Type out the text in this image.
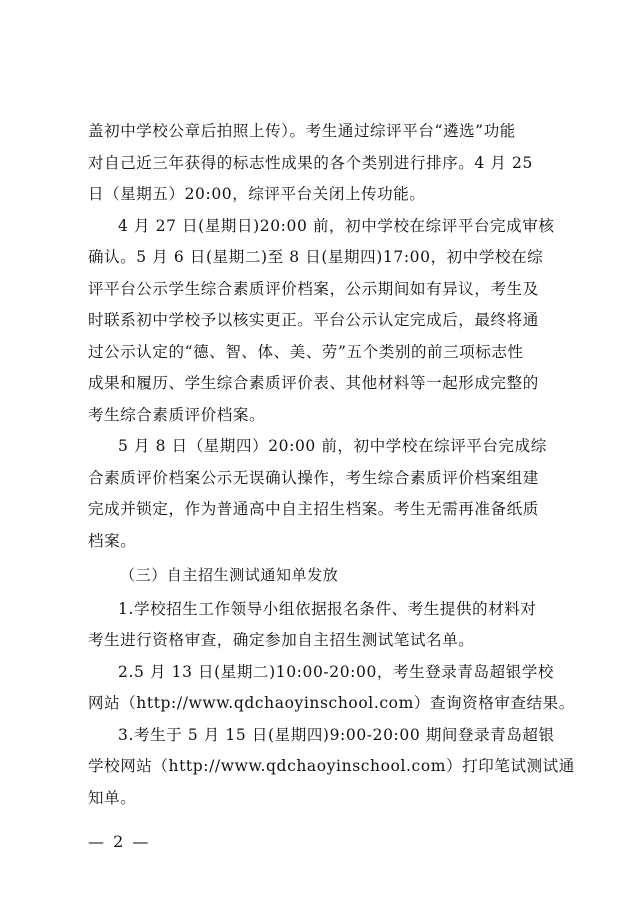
盖初中学校公章后拍照上传）。考生通过综评平台“遴选”功能
对自己近三年获得的标志性成果的各个类别进行排序。4 月 25
日（星期五）20:00，综评平台关闭上传功能。
4 月 27 日(星期日)20:00 前，初中学校在综评平台完成审核
确认。5 月 6 日(星期二)至 8 日(星期四)17:00，初中学校在综
评平台公示学生综合素质评价档案，公示期间如有异议，考生及
时联系初中学校予以核实更正。平台公示认定完成后，最终将通
过公示认定的“德、智、体、美、劳”五个类别的前三项标志性
成果和履历、学生综合素质评价表、其他材料等一起形成完整的
考生综合素质评价档案。
5 月 8 日（星期四）20:00 前，初中学校在综评平台完成综
合素质评价档案公示无误确认操作，考生综合素质评价档案组建
完成并锁定，作为普通高中自主招生档案。考生无需再准备纸质
档案。
（三）自主招生测试通知单发放
1.学校招生工作领导小组依据报名条件、考生提供的材料对
考生进行资格审查，确定参加自主招生测试笔试名单。
2.5 月 13 日(星期二)10:00-20:00，考生登录青岛超银学校
网站（http://www.qdchaoyinschool.com）查询资格审查结果。
3.考生于 5 月 15 日(星期四)9:00-20:00 期间登录青岛超银
学校网站（http://www.qdchaoyinschool.com）打印笔试测试通
知单。
— 2 —
